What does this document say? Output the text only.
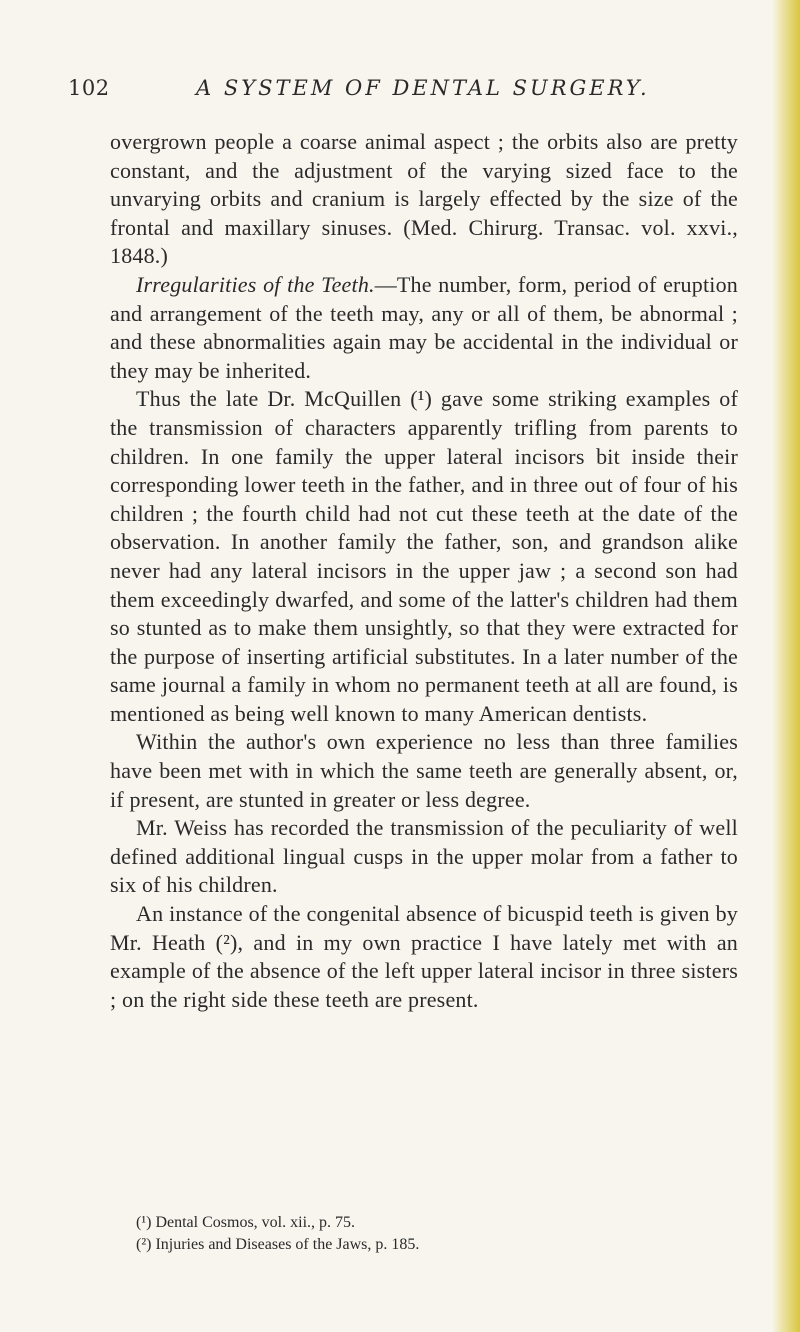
102	A SYSTEM OF DENTAL SURGERY.

overgrown people a coarse animal aspect ; the orbits also are pretty constant, and the adjustment of the varying sized face to the unvarying orbits and cranium is largely effected by the size of the frontal and maxillary sinuses. (Med. Chirurg. Transac. vol. xxvi., 1848.)

Irregularities of the Teeth.—The number, form, period of eruption and arrangement of the teeth may, any or all of them, be abnormal ; and these abnormalities again may be accidental in the individual or they may be inherited.

Thus the late Dr. McQuillen (¹) gave some striking examples of the transmission of characters apparently trifling from parents to children. In one family the upper lateral incisors bit inside their corresponding lower teeth in the father, and in three out of four of his children ; the fourth child had not cut these teeth at the date of the observation. In another family the father, son, and grandson alike never had any lateral incisors in the upper jaw ; a second son had them exceedingly dwarfed, and some of the latter's children had them so stunted as to make them unsightly, so that they were extracted for the purpose of inserting artificial substitutes. In a later number of the same journal a family in whom no permanent teeth at all are found, is mentioned as being well known to many American dentists.

Within the author's own experience no less than three families have been met with in which the same teeth are generally absent, or, if present, are stunted in greater or less degree.

Mr. Weiss has recorded the transmission of the peculiarity of well defined additional lingual cusps in the upper molar from a father to six of his children.

An instance of the congenital absence of bicuspid teeth is given by Mr. Heath (²), and in my own practice I have lately met with an example of the absence of the left upper lateral incisor in three sisters ; on the right side these teeth are present.

(¹) Dental Cosmos, vol. xii., p. 75.
(²) Injuries and Diseases of the Jaws, p. 185.
